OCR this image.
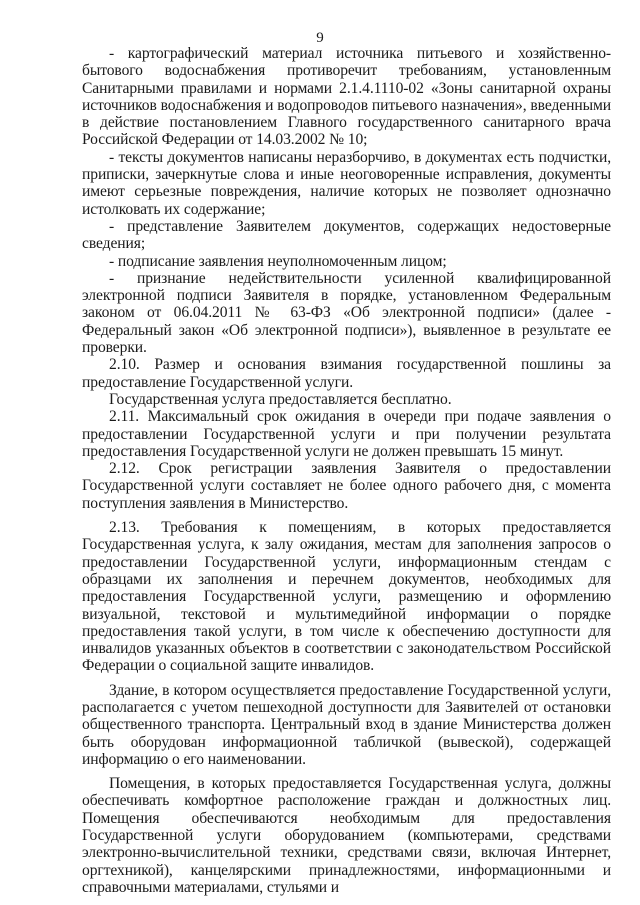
9

- картографический материал источника питьевого и хозяйственно-бытового водоснабжения противоречит требованиям, установленным Санитарными правилами и нормами 2.1.4.1110-02 «Зоны санитарной охраны источников водоснабжения и водопроводов питьевого назначения», введенными в действие постановлением Главного государственного санитарного врача Российской Федерации от 14.03.2002 № 10;

- тексты документов написаны неразборчиво, в документах есть подчистки, приписки, зачеркнутые слова и иные неоговоренные исправления, документы имеют серьезные повреждения, наличие которых не позволяет однозначно истолковать их содержание;

- представление Заявителем документов, содержащих недостоверные сведения;

- подписание заявления неуполномоченным лицом;

- признание недействительности усиленной квалифицированной электронной подписи Заявителя в порядке, установленном Федеральным законом от 06.04.2011 № 63-ФЗ «Об электронной подписи» (далее - Федеральный закон «Об электронной подписи»), выявленное в результате ее проверки.

2.10. Размер и основания взимания государственной пошлины за предоставление Государственной услуги.

Государственная услуга предоставляется бесплатно.

2.11. Максимальный срок ожидания в очереди при подаче заявления о предоставлении Государственной услуги и при получении результата предоставления Государственной услуги не должен превышать 15 минут.

2.12. Срок регистрации заявления Заявителя о предоставлении Государственной услуги составляет не более одного рабочего дня, с момента поступления заявления в Министерство.

2.13. Требования к помещениям, в которых предоставляется Государственная услуга, к залу ожидания, местам для заполнения запросов о предоставлении Государственной услуги, информационным стендам с образцами их заполнения и перечнем документов, необходимых для предоставления Государственной услуги, размещению и оформлению визуальной, текстовой и мультимедийной информации о порядке предоставления такой услуги, в том числе к обеспечению доступности для инвалидов указанных объектов в соответствии с законодательством Российской Федерации о социальной защите инвалидов.

Здание, в котором осуществляется предоставление Государственной услуги, располагается с учетом пешеходной доступности для Заявителей от остановки общественного транспорта. Центральный вход в здание Министерства должен быть оборудован информационной табличкой (вывеской), содержащей информацию о его наименовании.

Помещения, в которых предоставляется Государственная услуга, должны обеспечивать комфортное расположение граждан и должностных лиц. Помещения обеспечиваются необходимым для предоставления Государственной услуги оборудованием (компьютерами, средствами электронно-вычислительной техники, средствами связи, включая Интернет, оргтехникой), канцелярскими принадлежностями, информационными и справочными материалами, стульями и
